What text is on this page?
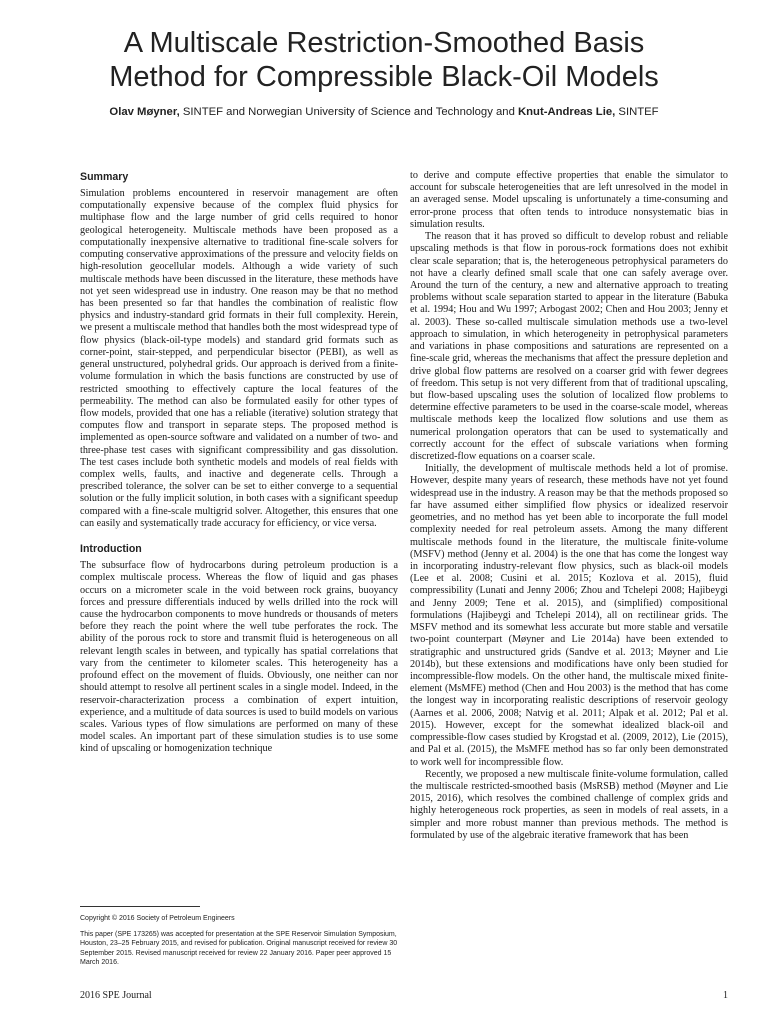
A Multiscale Restriction-Smoothed Basis
Method for Compressible Black-Oil Models
Olav Møyner, SINTEF and Norwegian University of Science and Technology and Knut-Andreas Lie, SINTEF
Summary

Simulation problems encountered in reservoir management are often computationally expensive because of the complex fluid physics for multiphase flow and the large number of grid cells required to honor geological heterogeneity. Multiscale methods have been proposed as a computationally inexpensive alternative to traditional fine-scale solvers for computing conservative approximations of the pressure and velocity fields on high-resolution geocellular models. Although a wide variety of such multiscale methods have been discussed in the literature, these methods have not yet seen widespread use in industry. One reason may be that no method has been presented so far that handles the combination of realistic flow physics and industry-standard grid formats in their full complexity. Herein, we present a multiscale method that handles both the most widespread type of flow physics (black-oil-type models) and standard grid formats such as corner-point, stair-stepped, and perpendicular bisector (PEBI), as well as general unstructured, polyhedral grids. Our approach is derived from a finite-volume formulation in which the basis functions are constructed by use of restricted smoothing to effectively capture the local features of the permeability. The method can also be formulated easily for other types of flow models, provided that one has a reliable (iterative) solution strategy that computes flow and transport in separate steps. The proposed method is implemented as open-source software and validated on a number of two- and three-phase test cases with significant compressibility and gas dissolution. The test cases include both synthetic models and models of real fields with complex wells, faults, and inactive and degenerate cells. Through a prescribed tolerance, the solver can be set to either converge to a sequential solution or the fully implicit solution, in both cases with a significant speedup compared with a fine-scale multigrid solver. Altogether, this ensures that one can easily and systematically trade accuracy for efficiency, or vice versa.

Introduction

The subsurface flow of hydrocarbons during petroleum production is a complex multiscale process. Whereas the flow of liquid and gas phases occurs on a micrometer scale in the void between rock grains, buoyancy forces and pressure differentials induced by wells drilled into the rock will cause the hydrocarbon components to move hundreds or thousands of meters before they reach the point where the well tube perforates the rock. The ability of the porous rock to store and transmit fluid is heterogeneous on all relevant length scales in between, and typically has spatial correlations that vary from the centimeter to kilometer scales. This heterogeneity has a profound effect on the movement of fluids. Obviously, one neither can nor should attempt to resolve all pertinent scales in a single model. Indeed, in the reservoir-characterization process a combination of expert intuition, experience, and a multitude of data sources is used to build models on various scales. Various types of flow simulations are performed on many of these model scales. An important part of these simulation studies is to use some kind of upscaling or homogenization technique

to derive and compute effective properties that enable the simulator to account for subscale heterogeneities that are left unresolved in the model in an averaged sense. Model upscaling is unfortunately a time-consuming and error-prone process that often tends to introduce nonsystematic bias in simulation results.

The reason that it has proved so difficult to develop robust and reliable upscaling methods is that flow in porous-rock formations does not exhibit clear scale separation; that is, the heterogeneous petrophysical parameters do not have a clearly defined small scale that one can safely average over. Around the turn of the century, a new and alternative approach to treating problems without scale separation started to appear in the literature (Babuka et al. 1994; Hou and Wu 1997; Arbogast 2002; Chen and Hou 2003; Jenny et al. 2003). These so-called multiscale simulation methods use a two-level approach to simulation, in which heterogeneity in petrophysical parameters and variations in phase compositions and saturations are represented on a fine-scale grid, whereas the mechanisms that affect the pressure depletion and drive global flow patterns are resolved on a coarser grid with fewer degrees of freedom. This setup is not very different from that of traditional upscaling, but flow-based upscaling uses the solution of localized flow problems to determine effective parameters to be used in the coarse-scale model, whereas multiscale methods keep the localized flow solutions and use them as numerical prolongation operators that can be used to systematically and correctly account for the effect of subscale variations when forming discretized-flow equations on a coarser scale.

Initially, the development of multiscale methods held a lot of promise. However, despite many years of research, these methods have not yet found widespread use in the industry. A reason may be that the methods proposed so far have assumed either simplified flow physics or idealized reservoir geometries, and no method has yet been able to incorporate the full model complexity needed for real petroleum assets. Among the many different multiscale methods found in the literature, the multiscale finite-volume (MSFV) method (Jenny et al. 2004) is the one that has come the longest way in incorporating industry-relevant flow physics, such as black-oil models (Lee et al. 2008; Cusini et al. 2015; Kozlova et al. 2015), fluid compressibility (Lunati and Jenny 2006; Zhou and Tchelepi 2008; Hajibeygi and Jenny 2009; Tene et al. 2015), and (simplified) compositional formulations (Hajibeygi and Tchelepi 2014), all on rectilinear grids. The MSFV method and its somewhat less accurate but more stable and versatile two-point counterpart (Møyner and Lie 2014a) have been extended to stratigraphic and unstructured grids (Sandve et al. 2013; Møyner and Lie 2014b), but these extensions and modifications have only been studied for incompressible-flow models. On the other hand, the multiscale mixed finite-element (MsMFE) method (Chen and Hou 2003) is the method that has come the longest way in incorporating realistic descriptions of reservoir geology (Aarnes et al. 2006, 2008; Natvig et al. 2011; Alpak et al. 2012; Pal et al. 2015). However, except for the somewhat idealized black-oil and compressible-flow cases studied by Krogstad et al. (2009, 2012), Lie (2015), and Pal et al. (2015), the MsMFE method has so far only been demonstrated to work well for incompressible flow.

Recently, we proposed a new multiscale finite-volume formulation, called the multiscale restricted-smoothed basis (MsRSB) method (Møyner and Lie 2015, 2016), which resolves the combined challenge of complex grids and highly heterogeneous rock properties, as seen in models of real assets, in a simpler and more robust manner than previous methods. The method is formulated by use of the algebraic iterative framework that has been

Copyright © 2016 Society of Petroleum Engineers

This paper (SPE 173265) was accepted for presentation at the SPE Reservoir Simulation Symposium, Houston, 23–25 February 2015, and revised for publication. Original manuscript received for review 30 September 2015. Revised manuscript received for review 22 January 2016. Paper peer approved 15 March 2016.

2016 SPE Journal	1
